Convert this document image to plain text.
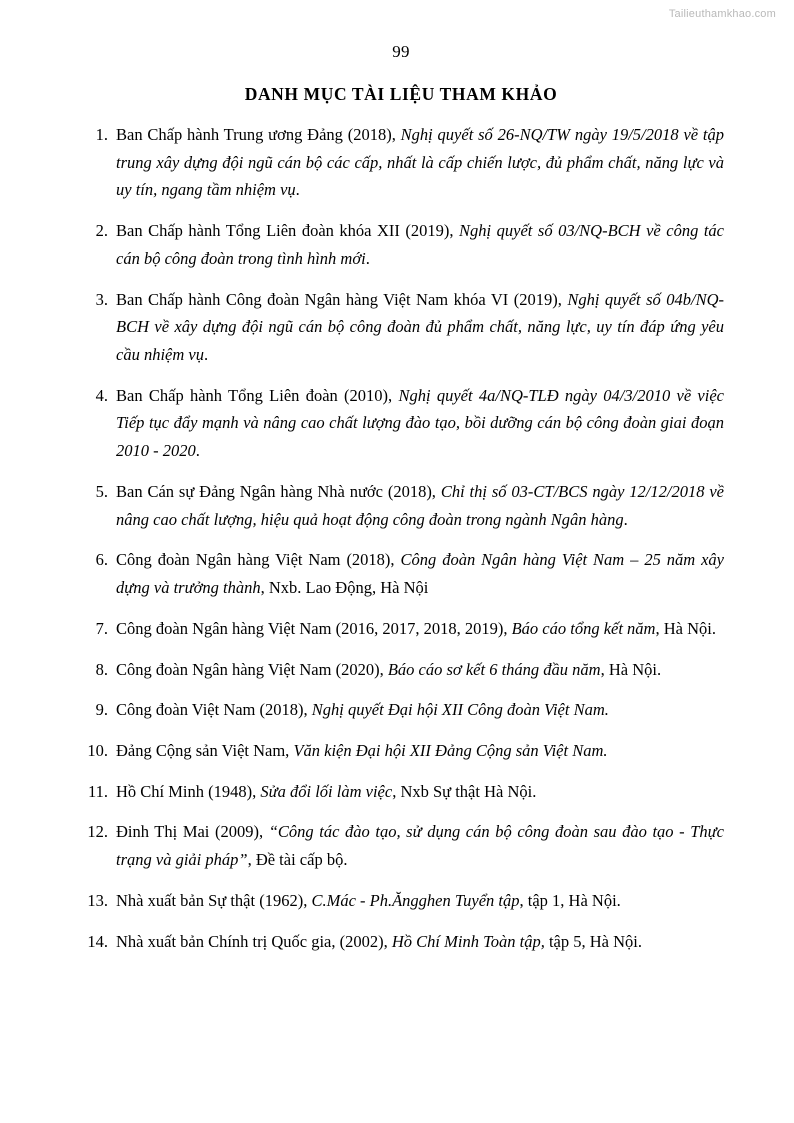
Tailieuthamkhao.com
99
DANH MỤC TÀI LIỆU THAM KHẢO
1. Ban Chấp hành Trung ương Đảng (2018), Nghị quyết số 26-NQ/TW ngày 19/5/2018 về tập trung xây dựng đội ngũ cán bộ các cấp, nhất là cấp chiến lược, đủ phẩm chất, năng lực và uy tín, ngang tầm nhiệm vụ.
2. Ban Chấp hành Tổng Liên đoàn khóa XII (2019), Nghị quyết số 03/NQ-BCH về công tác cán bộ công đoàn trong tình hình mới.
3. Ban Chấp hành Công đoàn Ngân hàng Việt Nam khóa VI (2019), Nghị quyết số 04b/NQ-BCH về xây dựng đội ngũ cán bộ công đoàn đủ phẩm chất, năng lực, uy tín đáp ứng yêu cầu nhiệm vụ.
4. Ban Chấp hành Tổng Liên đoàn (2010), Nghị quyết 4a/NQ-TLĐ ngày 04/3/2010 về việc Tiếp tục đẩy mạnh và nâng cao chất lượng đào tạo, bồi dưỡng cán bộ công đoàn giai đoạn 2010 - 2020.
5. Ban Cán sự Đảng Ngân hàng Nhà nước (2018), Chỉ thị số 03-CT/BCS ngày 12/12/2018 về nâng cao chất lượng, hiệu quả hoạt động công đoàn trong ngành Ngân hàng.
6. Công đoàn Ngân hàng Việt Nam (2018), Công đoàn Ngân hàng Việt Nam – 25 năm xây dựng và trưởng thành, Nxb. Lao Động, Hà Nội
7. Công đoàn Ngân hàng Việt Nam (2016, 2017, 2018, 2019), Báo cáo tổng kết năm, Hà Nội.
8. Công đoàn Ngân hàng Việt Nam (2020), Báo cáo sơ kết 6 tháng đầu năm, Hà Nội.
9. Công đoàn Việt Nam (2018), Nghị quyết Đại hội XII Công đoàn Việt Nam.
10. Đảng Cộng sản Việt Nam, Văn kiện Đại hội XII Đảng Cộng sản Việt Nam.
11. Hồ Chí Minh (1948), Sửa đổi lối làm việc, Nxb Sự thật Hà Nội.
12. Đinh Thị Mai (2009), “Công tác đào tạo, sử dụng cán bộ công đoàn sau đào tạo - Thực trạng và giải pháp”, Đề tài cấp bộ.
13. Nhà xuất bản Sự thật (1962), C.Mác - Ph.Ăngghen Tuyển tập, tập 1, Hà Nội.
14. Nhà xuất bản Chính trị Quốc gia, (2002), Hồ Chí Minh Toàn tập, tập 5, Hà Nội.
